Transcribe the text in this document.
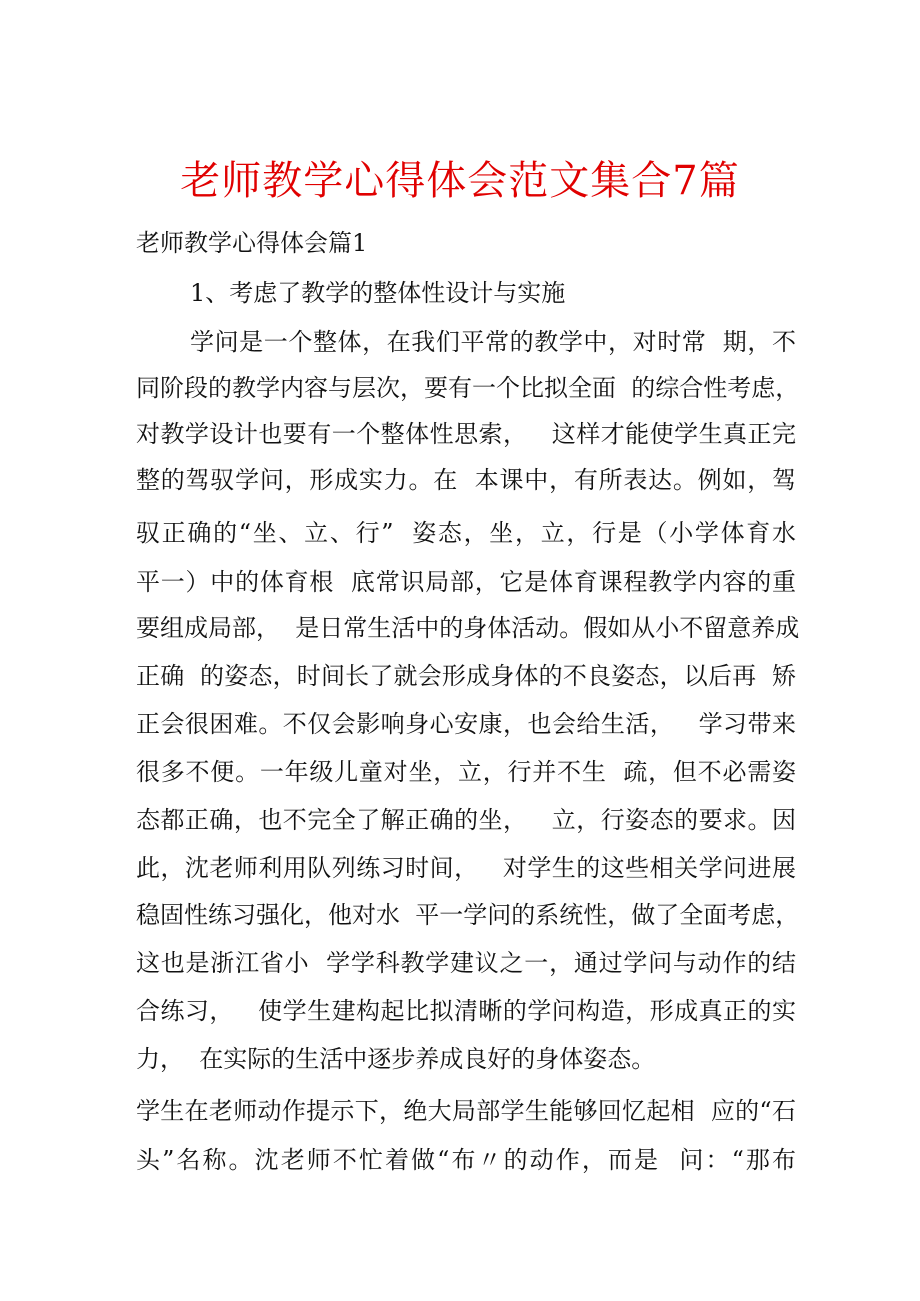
老师教学心得体会范文集合7篇
老师教学心得体会篇1
1、考虑了教学的整体性设计与实施
学问是一个整体，在我们平常的教学中，对时常  期，不
同阶段的教学内容与层次，要有一个比拟全面  的综合性考虑，
对教学设计也要有一个整体性思索，   这样才能使学生真正完
整的驾驭学问，形成实力。在  本课中，有所表达。例如，驾
驭正确的“坐、立、行”  姿态，坐，立，行是（小学体育水
平一）中的体育根  底常识局部，它是体育课程教学内容的重
要组成局部，  是日常生活中的身体活动。假如从小不留意养成
正确  的姿态，时间长了就会形成身体的不良姿态，以后再  矫
正会很困难。不仅会影响身心安康，也会给生活，   学习带来
很多不便。一年级儿童对坐，立，行并不生  疏，但不必需姿
态都正确，也不完全了解正确的坐，   立，行姿态的要求。因
此，沈老师利用队列练习时间，   对学生的这些相关学问进展
稳固性练习强化，他对水  平一学问的系统性，做了全面考虑，
这也是浙江省小  学学科教学建议之一，通过学问与动作的结
合练习，   使学生建构起比拟清晰的学问构造，形成真正的实
力，  在实际的生活中逐步养成良好的身体姿态。
学生在老师动作提示下，绝大局部学生能够回忆起相  应的“石
头”名称。沈老师不忙着做“布〃的动作，而是  问：“那布
